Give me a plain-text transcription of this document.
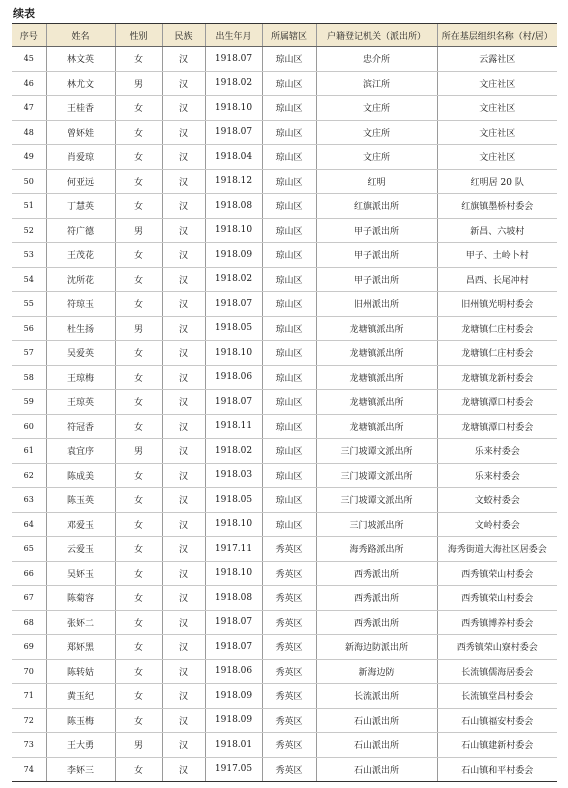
续表
序号	姓名	性别	民族	出生年月	所属辖区	户籍登记机关（派出所）	所在基层组织名称（村/居）
45	林文英	女	汉	1918.07	琼山区	忠介所	云露社区
46	林尤文	男	汉	1918.02	琼山区	滨江所	文庄社区
47	王桂香	女	汉	1918.10	琼山区	文庄所	文庄社区
48	曾妚娃	女	汉	1918.07	琼山区	文庄所	文庄社区
49	肖爱琼	女	汉	1918.04	琼山区	文庄所	文庄社区
50	何亚远	女	汉	1918.12	琼山区	红明	红明居 20 队
51	丁慧英	女	汉	1918.08	琼山区	红旗派出所	红旗镇墨桥村委会
52	符广德	男	汉	1918.10	琼山区	甲子派出所	新昌、六坡村
53	王茂花	女	汉	1918.09	琼山区	甲子派出所	甲子、土岭卜村
54	沈所花	女	汉	1918.02	琼山区	甲子派出所	昌西、长尾冲村
55	符琼玉	女	汉	1918.07	琼山区	旧州派出所	旧州镇光明村委会
56	杜生扬	男	汉	1918.05	琼山区	龙塘镇派出所	龙塘镇仁庄村委会
57	吴爱英	女	汉	1918.10	琼山区	龙塘镇派出所	龙塘镇仁庄村委会
58	王琼梅	女	汉	1918.06	琼山区	龙塘镇派出所	龙塘镇龙新村委会
59	王琼英	女	汉	1918.07	琼山区	龙塘镇派出所	龙塘镇潭口村委会
60	符冠香	女	汉	1918.11	琼山区	龙塘镇派出所	龙塘镇潭口村委会
61	袁宜序	男	汉	1918.02	琼山区	三门坡谭文派出所	乐来村委会
62	陈成美	女	汉	1918.03	琼山区	三门坡谭文派出所	乐来村委会
63	陈玉英	女	汉	1918.05	琼山区	三门坡谭文派出所	文蛟村委会
64	邓爱玉	女	汉	1918.10	琼山区	三门坡派出所	文岭村委会
65	云爱玉	女	汉	1917.11	秀英区	海秀路派出所	海秀街道大海社区居委会
66	吴妚玉	女	汉	1918.10	秀英区	西秀派出所	西秀镇荣山村委会
67	陈菊容	女	汉	1918.08	秀英区	西秀派出所	西秀镇荣山村委会
68	张妚二	女	汉	1918.07	秀英区	西秀派出所	西秀镇博养村委会
69	郑妚黑	女	汉	1918.07	秀英区	新海边防派出所	西秀镇荣山寮村委会
70	陈转姑	女	汉	1918.06	秀英区	新海边防	长流镇儒海居委会
71	黄玉纪	女	汉	1918.09	秀英区	长流派出所	长流镇堂昌村委会
72	陈玉梅	女	汉	1918.09	秀英区	石山派出所	石山镇福安村委会
73	王大勇	男	汉	1918.01	秀英区	石山派出所	石山镇建新村委会
74	李妚三	女	汉	1917.05	秀英区	石山派出所	石山镇和平村委会
